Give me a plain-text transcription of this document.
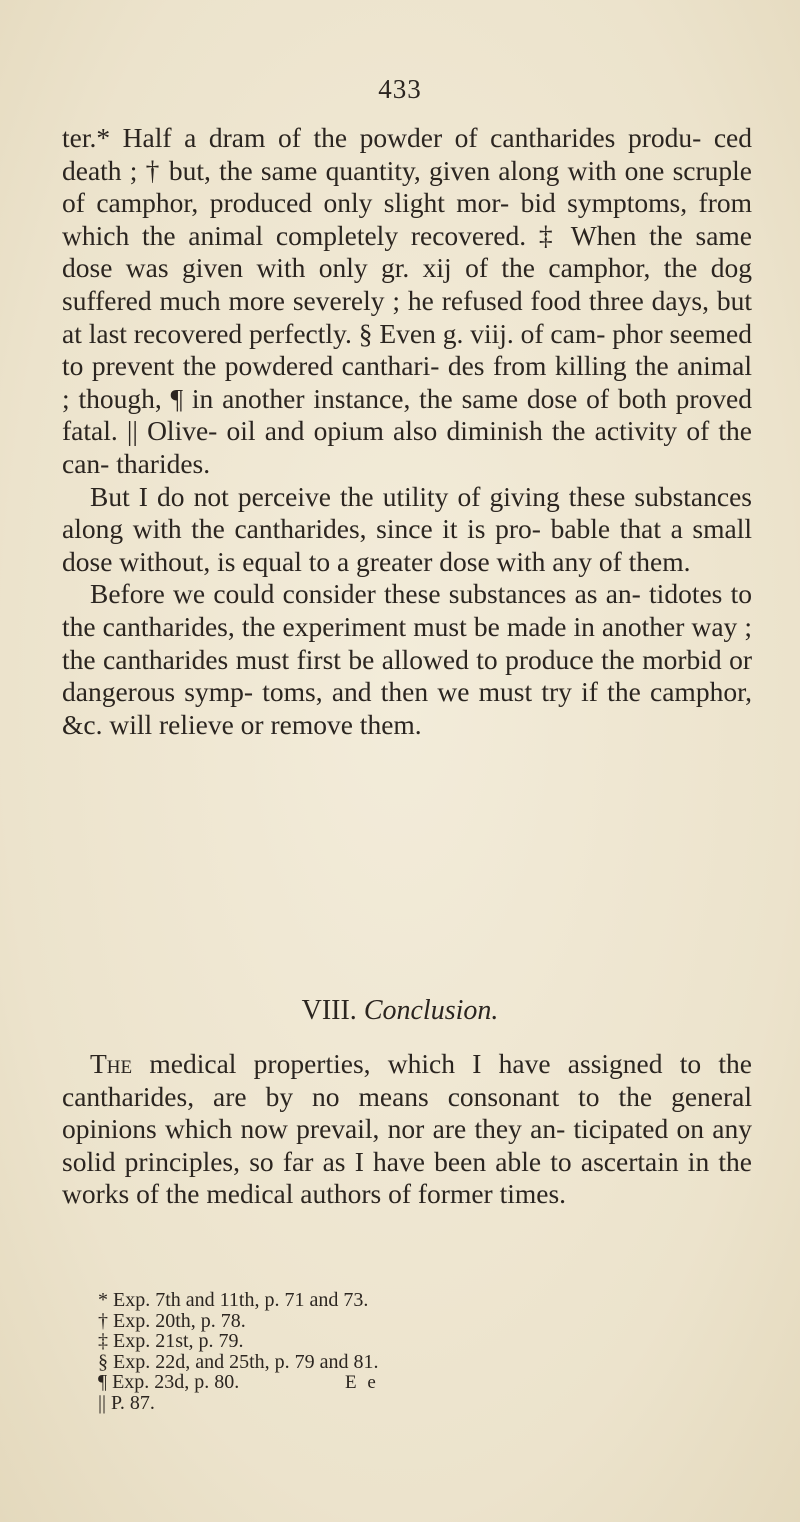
433

ter.* Half a dram of the powder of cantharides produ- ced death ; † but, the same quantity, given along with one scruple of camphor, produced only slight mor- bid symptoms, from which the animal completely recovered. ‡ When the same dose was given with only gr. xij of the camphor, the dog suffered much more severely ; he refused food three days, but at last recovered perfectly. § Even g. viij. of cam- phor seemed to prevent the powdered canthari- des from killing the animal ; though, ¶ in another instance, the same dose of both proved fatal. || Olive- oil and opium also diminish the activity of the can- tharides.

But I do not perceive the utility of giving these substances along with the cantharides, since it is pro- bable that a small dose without, is equal to a greater dose with any of them.

Before we could consider these substances as an- tidotes to the cantharides, the experiment must be made in another way ; the cantharides must first be allowed to produce the morbid or dangerous symp- toms, and then we must try if the camphor, &c. will relieve or remove them.

VIII. Conclusion.

The medical properties, which I have assigned to the cantharides, are by no means consonant to the general opinions which now prevail, nor are they an- ticipated on any solid principles, so far as I have been able to ascertain in the works of the medical authors of former times.

* Exp. 7th and 11th, p. 71 and 73.
† Exp. 20th, p. 78.
‡ Exp. 21st, p. 79.
§ Exp. 22d, and 25th, p. 79 and 81.
¶ Exp. 23d, p. 80.
|| P. 87.
E e
